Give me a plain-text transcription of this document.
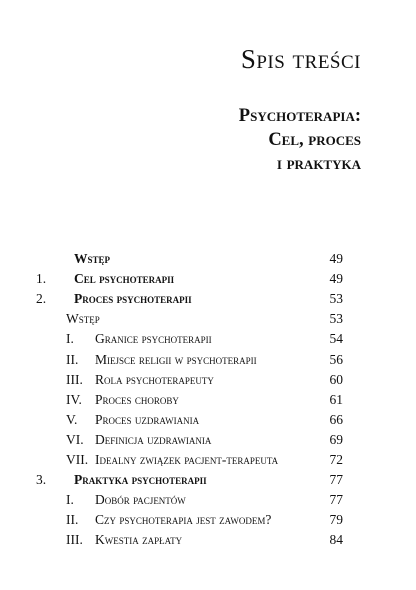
Spis treści
Psychoterapia:
Cel, proces
i praktyka
Wstęp	49
1. Cel psychoterapii	49
2. Proces psychoterapii	53
Wstęp	53
I. Granice psychoterapii	54
II. Miejsce religii w psychoterapii	56
III. Rola psychoterapeuty	60
IV. Proces choroby	61
V. Proces uzdrawiania	66
VI. Definicja uzdrawiania	69
VII. Idealny związek pacjent-terapeuta	72
3. Praktyka psychoterapii	77
I. Dobór pacjentów	77
II. Czy psychoterapia jest zawodem?	79
III. Kwestia zapłaty	84
